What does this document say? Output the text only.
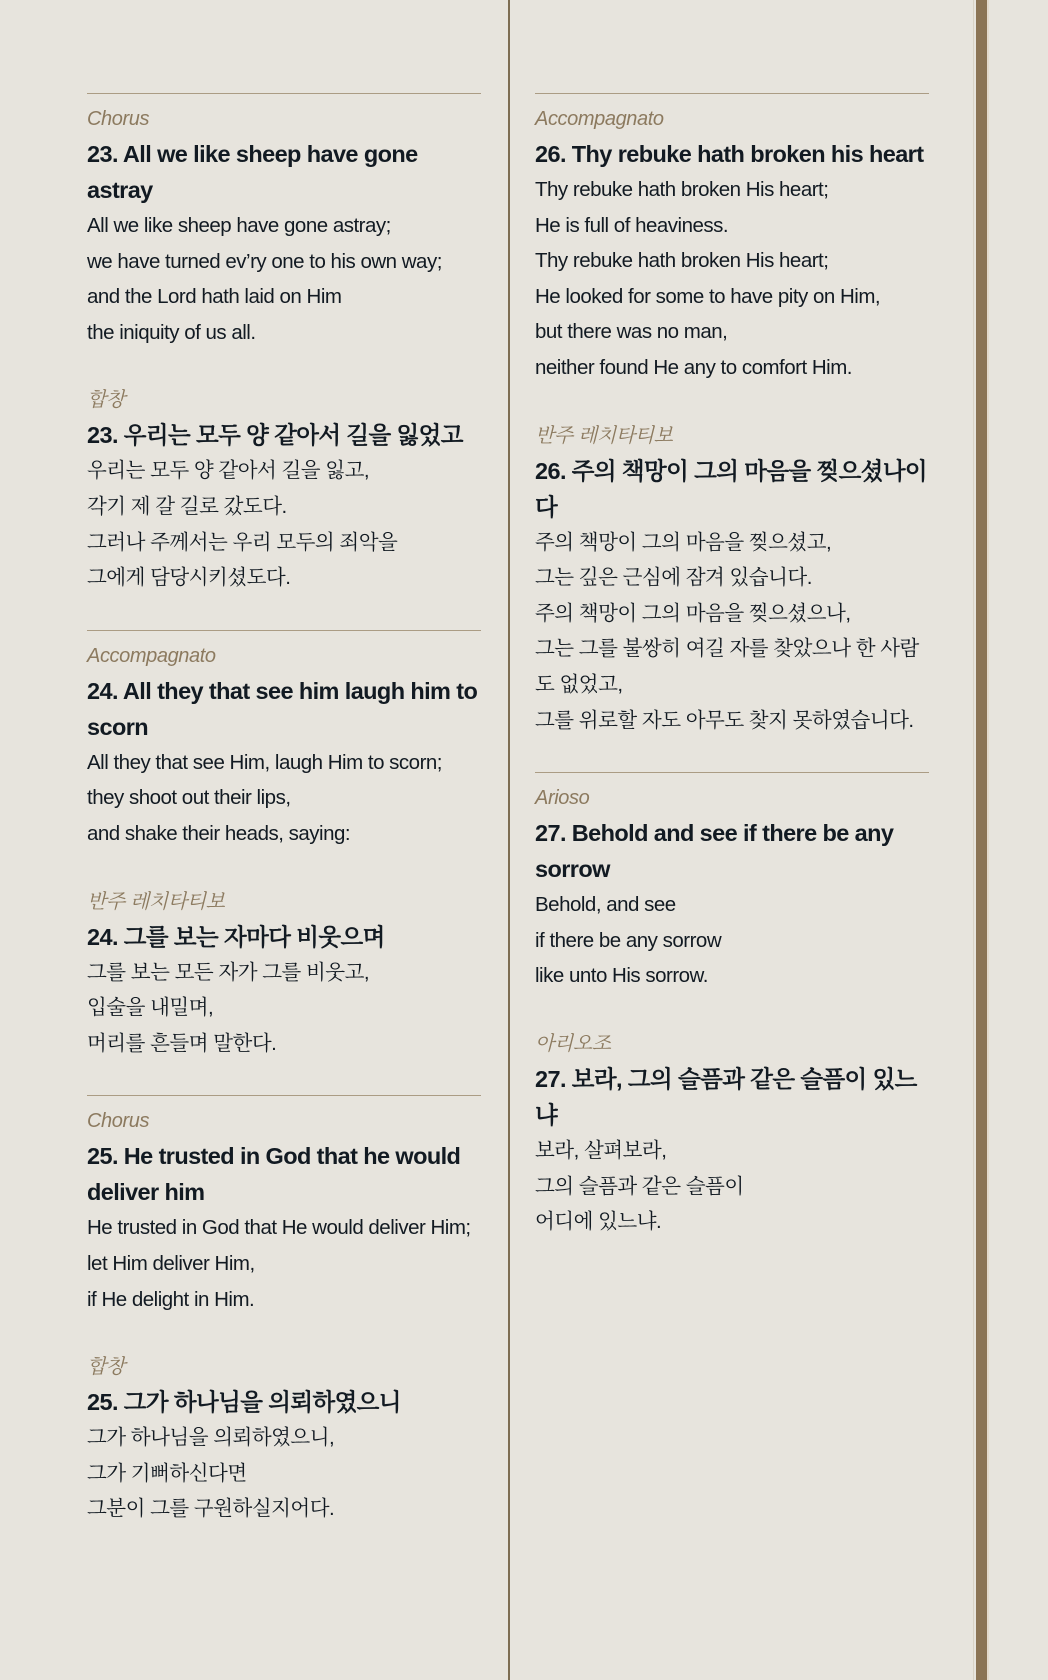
Chorus

23. All we like sheep have gone astray
All we like sheep have gone astray;
we have turned ev’ry one to his own way;
and the Lord hath laid on Him
the iniquity of us all.

합창

23. 우리는 모두 양 같아서 길을 잃었고
우리는 모두 양 같아서 길을 잃고,
각기 제 갈 길로 갔도다.
그러나 주께서는 우리 모두의 죄악을
그에게 담당시키셨도다.

Accompagnato

24. All they that see him laugh him to scorn
All they that see Him, laugh Him to scorn;
they shoot out their lips,
and shake their heads, saying:

반주 레치타티보

24. 그를 보는 자마다 비웃으며
그를 보는 모든 자가 그를 비웃고,
입술을 내밀며,
머리를 흔들며 말한다.

Chorus

25. He trusted in God that he would deliver him
He trusted in God that He would deliver Him;
let Him deliver Him,
if He delight in Him.

합창

25. 그가 하나님을 의뢰하였으니
그가 하나님을 의뢰하였으니,
그가 기뻐하신다면
그분이 그를 구원하실지어다.

Accompagnato

26. Thy rebuke hath broken his heart
Thy rebuke hath broken His heart;
He is full of heaviness.
Thy rebuke hath broken His heart;
He looked for some to have pity on Him,
but there was no man,
neither found He any to comfort Him.

반주 레치타티보

26. 주의 책망이 그의 마음을 찢으셨나이다
주의 책망이 그의 마음을 찢으셨고,
그는 깊은 근심에 잠겨 있습니다.
주의 책망이 그의 마음을 찢으셨으나,
그는 그를 불쌍히 여길 자를 찾았으나 한 사람도 없었고,
그를 위로할 자도 아무도 찾지 못하였습니다.

Arioso

27. Behold and see if there be any sorrow
Behold, and see
if there be any sorrow
like unto His sorrow.

아리오조

27. 보라, 그의 슬픔과 같은 슬픔이 있느냐
보라, 살펴보라,
그의 슬픔과 같은 슬픔이
어디에 있느냐.
